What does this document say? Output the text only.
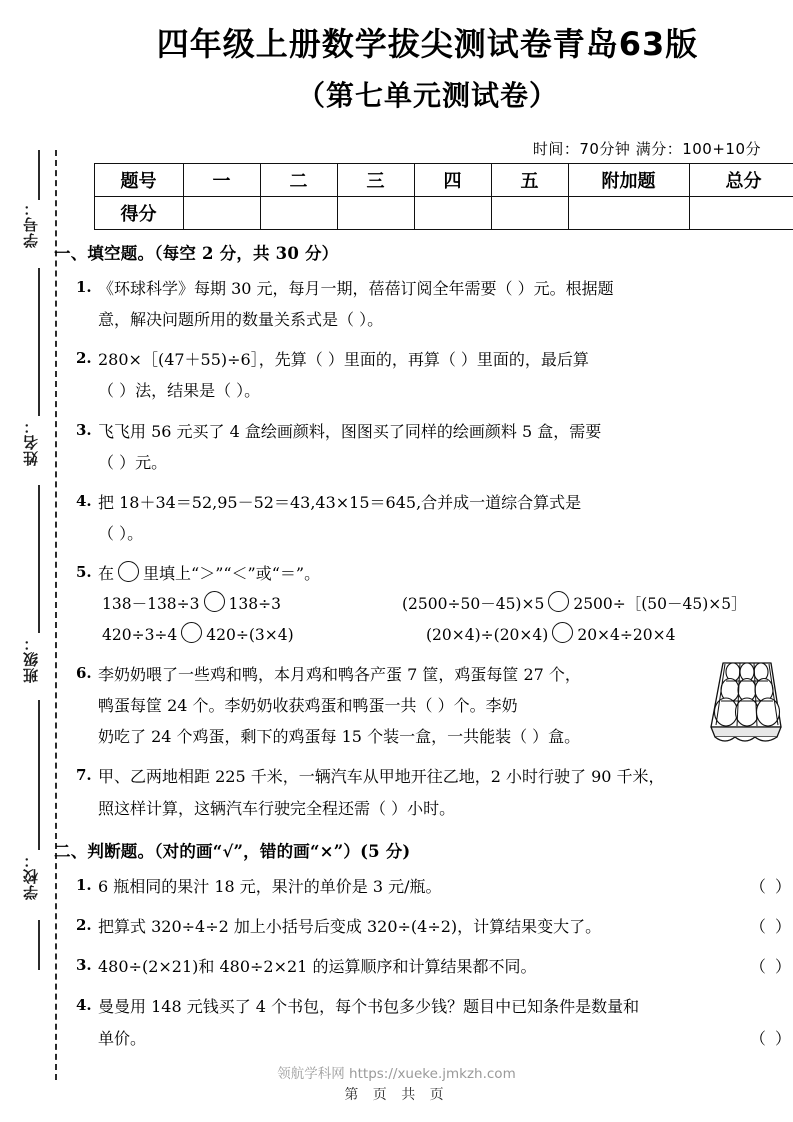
学号：
姓名：
班级：
学校：
四年级上册数学拔尖测试卷青岛63版
（第七单元测试卷）
时间：70分钟 满分：100+10分
题号	一	二	三	四	五	附加题	总分
得分							
一、填空题。（每空 2 分，共 30 分）
1. 《环球科学》每期 30 元，每月一期，蓓蓓订阅全年需要（ ）元。根据题
意，解决问题所用的数量关系式是（ ）。
2. 280×［(47＋55)÷6］，先算（ ）里面的，再算（ ）里面的，最后算
（ ）法，结果是（ ）。
3. 飞飞用 56 元买了 4 盒绘画颜料，图图买了同样的绘画颜料 5 盒，需要
（ ）元。
4. 把 18＋34＝52,95－52＝43,43×15＝645,合并成一道综合算式是
（ ）。
5. 在 里填上“＞”“＜”或“＝”。
138－138÷3 138÷3	(2500÷50－45)×5 2500÷［(50－45)×5］
420÷3÷4 420÷(3×4)	(20×4)÷(20×4) 20×4÷20×4
6. 李奶奶喂了一些鸡和鸭，本月鸡和鸭各产蛋 7 筐，鸡蛋每筐 27 个，
鸭蛋每筐 24 个。李奶奶收获鸡蛋和鸭蛋一共（ ）个。李奶
奶吃了 24 个鸡蛋，剩下的鸡蛋每 15 个装一盒，一共能装（ ）盒。
7. 甲、乙两地相距 225 千米，一辆汽车从甲地开往乙地，2 小时行驶了 90 千米，
照这样计算，这辆汽车行驶完全程还需（ ）小时。
二、判断题。（对的画“√”，错的画“×”）(5 分)
1. 6 瓶相同的果汁 18 元，果汁的单价是 3 元/瓶。	（ ）
2. 把算式 320÷4÷2 加上小括号后变成 320÷(4÷2)，计算结果变大了。	（ ）
3. 480÷(2×21)和 480÷2×21 的运算顺序和计算结果都不同。	（ ）
4. 曼曼用 148 元钱买了 4 个书包，每个书包多少钱？题目中已知条件是数量和
单价。	（ ）
领航学科网 https://xueke.jmkzh.com
第 页 共 页
